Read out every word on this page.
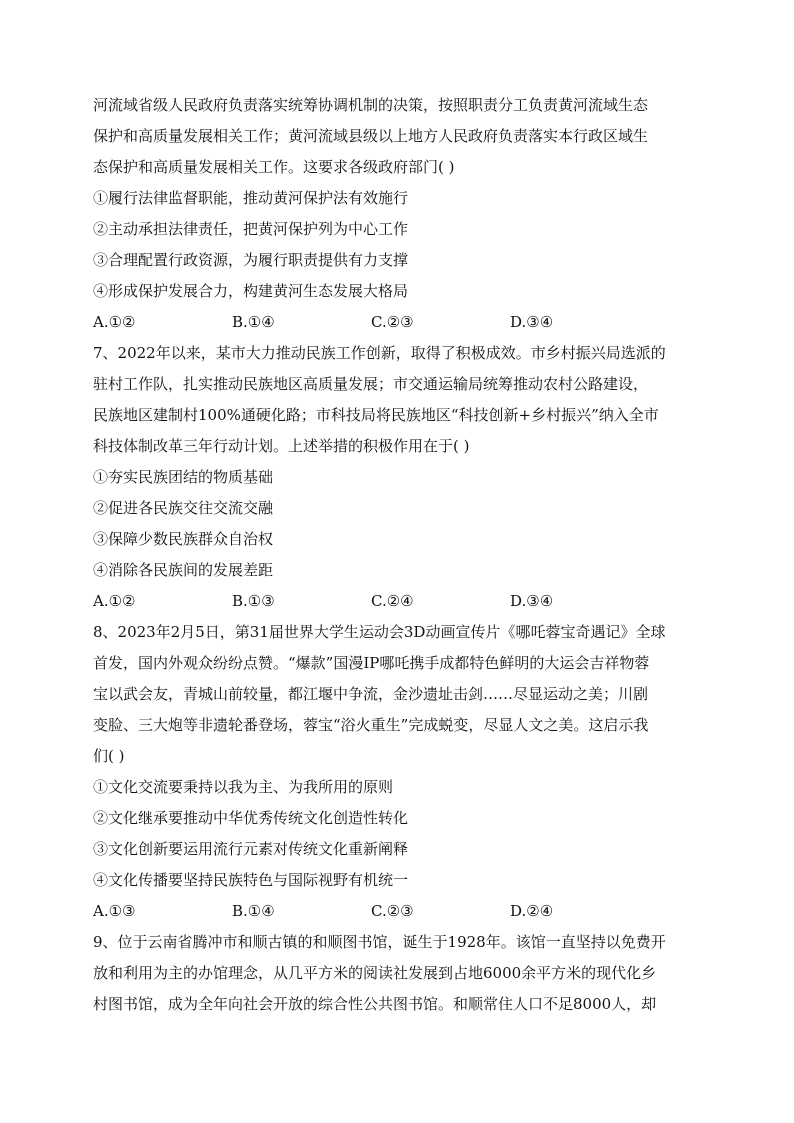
河流域省级人民政府负责落实统筹协调机制的决策，按照职责分工负责黄河流域生态
保护和高质量发展相关工作；黄河流域县级以上地方人民政府负责落实本行政区域生
态保护和高质量发展相关工作。这要求各级政府部门( )
①履行法律监督职能，推动黄河保护法有效施行
②主动承担法律责任，把黄河保护列为中心工作
③合理配置行政资源，为履行职责提供有力支撑
④形成保护发展合力，构建黄河生态发展大格局
A.①②	B.①④	C.②③	D.③④
7、2022年以来，某市大力推动民族工作创新，取得了积极成效。市乡村振兴局选派的
驻村工作队，扎实推动民族地区高质量发展；市交通运输局统筹推动农村公路建设，
民族地区建制村100%通硬化路；市科技局将民族地区“科技创新+乡村振兴”纳入全市
科技体制改革三年行动计划。上述举措的积极作用在于( )
①夯实民族团结的物质基础
②促进各民族交往交流交融
③保障少数民族群众自治权
④消除各民族间的发展差距
A.①②	B.①③	C.②④	D.③④
8、2023年2月5日，第31届世界大学生运动会3D动画宣传片《哪吒蓉宝奇遇记》全球
首发，国内外观众纷纷点赞。“爆款”国漫IP哪吒携手成都特色鲜明的大运会吉祥物蓉
宝以武会友，青城山前较量，都江堰中争流，金沙遗址击剑……尽显运动之美；川剧
变脸、三大炮等非遗轮番登场，蓉宝“浴火重生”完成蜕变，尽显人文之美。这启示我
们( )
①文化交流要秉持以我为主、为我所用的原则
②文化继承要推动中华优秀传统文化创造性转化
③文化创新要运用流行元素对传统文化重新阐释
④文化传播要坚持民族特色与国际视野有机统一
A.①③	B.①④	C.②③	D.②④
9、位于云南省腾冲市和顺古镇的和顺图书馆，诞生于1928年。该馆一直坚持以免费开
放和利用为主的办馆理念，从几平方米的阅读社发展到占地6000余平方米的现代化乡
村图书馆，成为全年向社会开放的综合性公共图书馆。和顺常住人口不足8000人，却
